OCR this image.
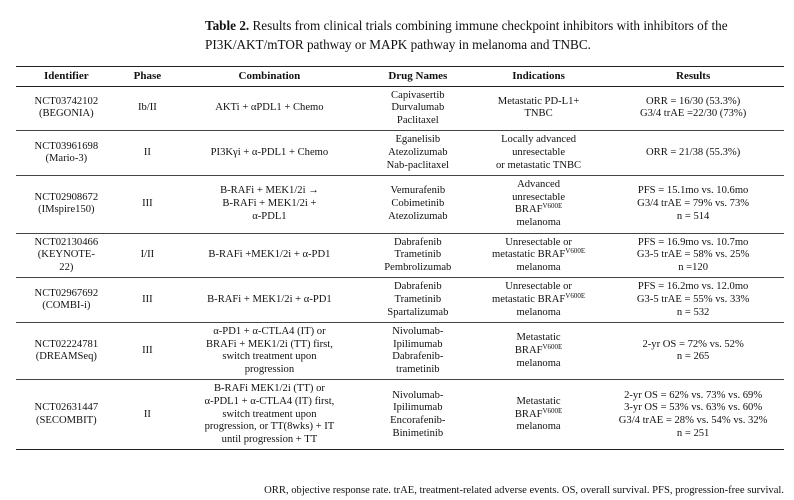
Table 2. Results from clinical trials combining immune checkpoint inhibitors with inhibitors of the PI3K/AKT/mTOR pathway or MAPK pathway in melanoma and TNBC.
Identifier	Phase	Combination	Drug Names	Indications	Results

NCT03742102
(BEGONIA)	Ib/II	AKTi + αPDL1 + Chemo	Capivasertib
Durvalumab
Paclitaxel	Metastatic PD-L1+
TNBC	ORR = 16/30 (53.3%)
G3/4 trAE =22/30 (73%)

NCT03961698
(Mario-3)	II	PI3Kγi + α-PDL1 + Chemo	Eganelisib
Atezolizumab
Nab-paclitaxel	Locally advanced
unresectable
or metastatic TNBC	ORR = 21/38 (55.3%)

NCT02908672
(IMspire150)	III	B-RAFi + MEK1/2i →
B-RAFi + MEK1/2i +
α-PDL1	Vemurafenib
Cobimetinib
Atezolizumab	Advanced
unresectable
$BRAF^{V600E}$
melanoma	PFS = 15.1mo vs. 10.6mo
G3/4 trAE = 79% vs. 73%
n = 514

NCT02130466
(KEYNOTE-
22)	I/II	B-RAFi +MEK1/2i + α-PD1	Dabrafenib
Trametinib
Pembrolizumab	Unresectable or
metastatic $BRAF^{V600E}$
melanoma	PFS = 16.9mo vs. 10.7mo
G3-5 trAE = 58% vs. 25%
n =120

NCT02967692
(COMBI-i)	III	B-RAFi + MEK1/2i + α-PD1	Dabrafenib
Trametinib
Spartalizumab	Unresectable or
metastatic $BRAF^{V600E}$
melanoma	PFS = 16.2mo vs. 12.0mo
G3-5 trAE = 55% vs. 33%
n = 532

NCT02224781
(DREAMSeq)	III	α-PD1 + α-CTLA4 (IT) or
BRAFi + MEK1/2i (TT) first,
switch treatment upon
progression	Nivolumab-
Ipilimumab
Dabrafenib-
trametinib	Metastatic
$BRAF^{V600E}$
melanoma	2-yr OS = 72% vs. 52%
n = 265

NCT02631447
(SECOMBIT)	II	B-RAFi MEK1/2i (TT) or
α-PDL1 + α-CTLA4 (IT) first,
switch treatment upon
progression, or TT(8wks) + IT
until progression + TT	Nivolumab-
Ipilimumab
Encorafenib-
Binimetinib	Metastatic
$BRAF^{V600E}$
melanoma	2-yr OS = 62% vs. 73% vs. 69%
3-yr OS = 53% vs. 63% vs. 60%
G3/4 trAE = 28% vs. 54% vs. 32%
n = 251
ORR, objective response rate. trAE, treatment-related adverse events. OS, overall survival. PFS, progression-free survival.
